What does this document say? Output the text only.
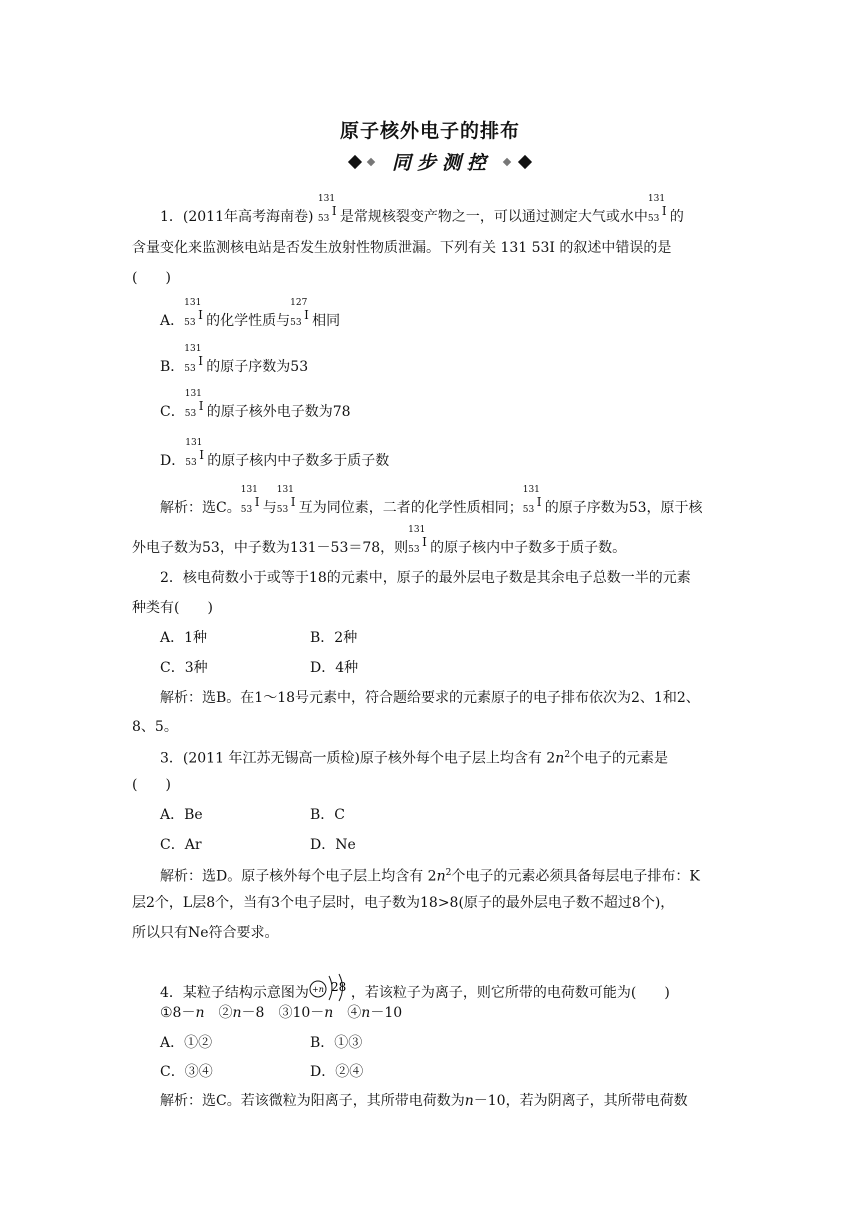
原子核外电子的排布
同步测控
1．(2011年高考海南卷)
131
53
I 是常规核裂变产物之一，可以通过测定大气或水中
131
53
I 的
含量变化来监测核电站是否发生放射性物质泄漏。下列有关 131 53I 的叙述中错误的是
(　　)
A．
131
53
I 的化学性质与
127
53
I 相同
B．
131
53
I 的原子序数为53
C．
131
53
I 的原子核外电子数为78
D．
131
53
I 的原子核内中子数多于质子数
解析：选C。
131
53
I 与
131
53
I 互为同位素，二者的化学性质相同；
131
53
I 的原子序数为53，原于核
外电子数为53，中子数为131－53＝78，则
131
53
I 的原子核内中子数多于质子数。
2．核电荷数小于或等于18的元素中，原子的最外层电子数是其余电子总数一半的元素
种类有(　　)
A．1种	B．2种
C．3种	D．4种
解析：选B。在1～18号元素中，符合题给要求的元素原子的电子排布依次为2、1和2、
8、5。
3．(2011 年江苏无锡高一质检)原子核外每个电子层上均含有 $2n^2$个电子的元素是
(　　)
A．Be	B．C
C．Ar	D．Ne
解析：选D。原子核外每个电子层上均含有 $2n^2$个电子的元素必须具备每层电子排布：K
层2个，L层8个，当有3个电子层时，电子数为18>8(原子的最外层电子数不超过8个)，
所以只有Ne符合要求。
4．某粒子结构示意图为 +n 28 ，若该粒子为离子，则它所带的电荷数可能为(　　)
①8－n　②n－8　③10－n　④n－10
A．①②	B．①③
C．③④	D．②④
解析：选C。若该微粒为阳离子，其所带电荷数为n－10，若为阴离子，其所带电荷数
